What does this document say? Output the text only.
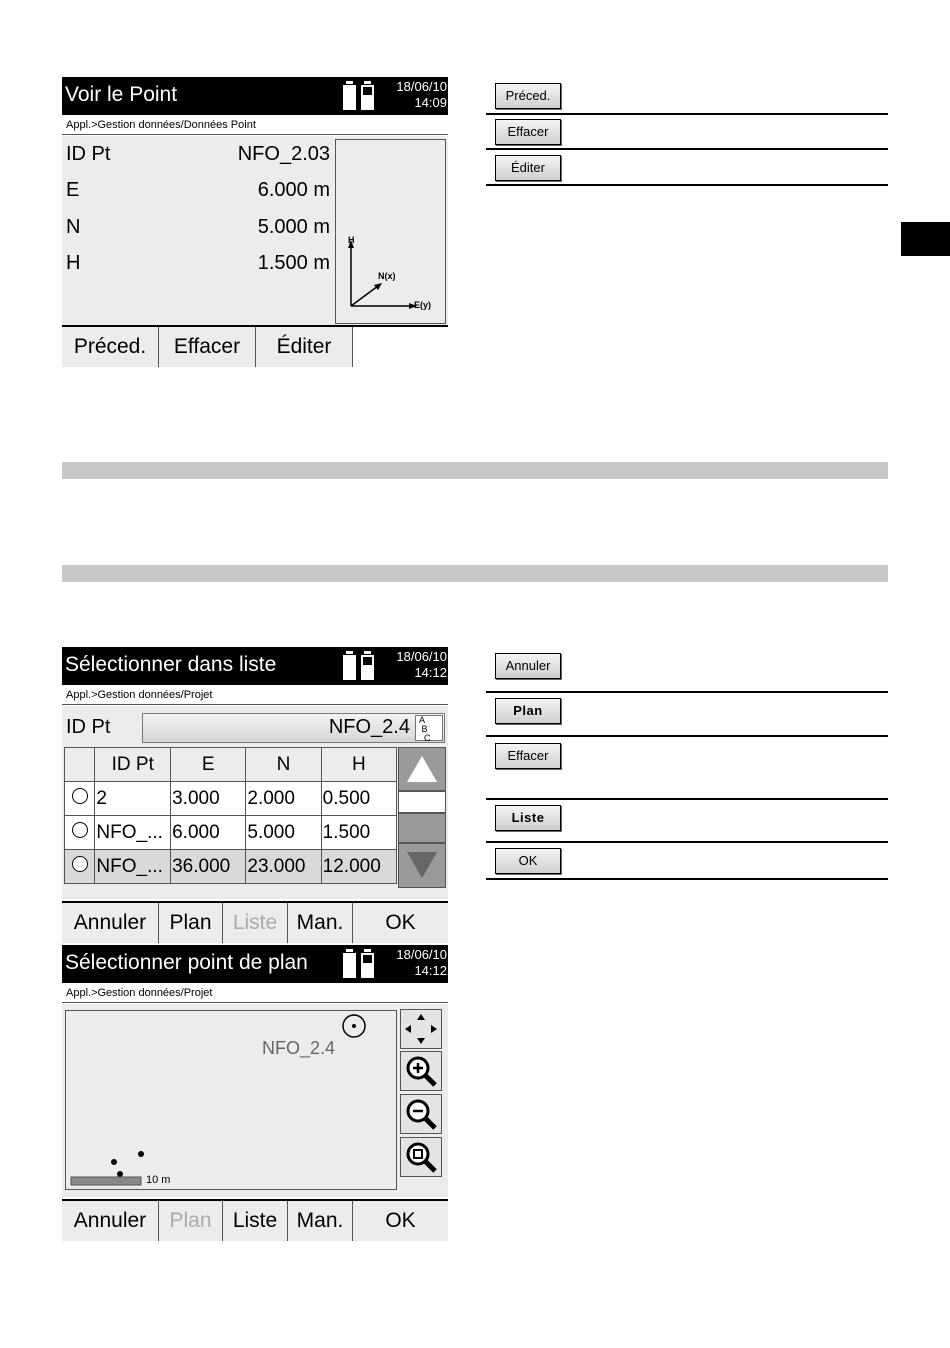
Voir le Point	18/06/10
14:09
Appl.>Gestion données/Données Point
ID Pt	NFO_2.03
E	6.000 m
N	5.000 m
H	1.500 m
H
N(x)
E(y)
Préced.	Effacer	Éditer
Préced.
Effacer
Éditer
Sélectionner dans liste	18/06/10
14:12
Appl.>Gestion données/Projet
ID Pt	NFO_2.4	A
B
C
	ID Pt	E	N	H
	2	3.000	2.000	0.500
	NFO_...	6.000	5.000	1.500
	NFO_...	36.000	23.000	12.000
Annuler	Plan	Liste Man.	OK
Annuler
Plan
Effacer
Liste
OK
Sélectionner point de plan	18/06/10
14:12
Appl.>Gestion données/Projet
NFO_2.4
10 m
Annuler	Plan	Liste Man.	OK
